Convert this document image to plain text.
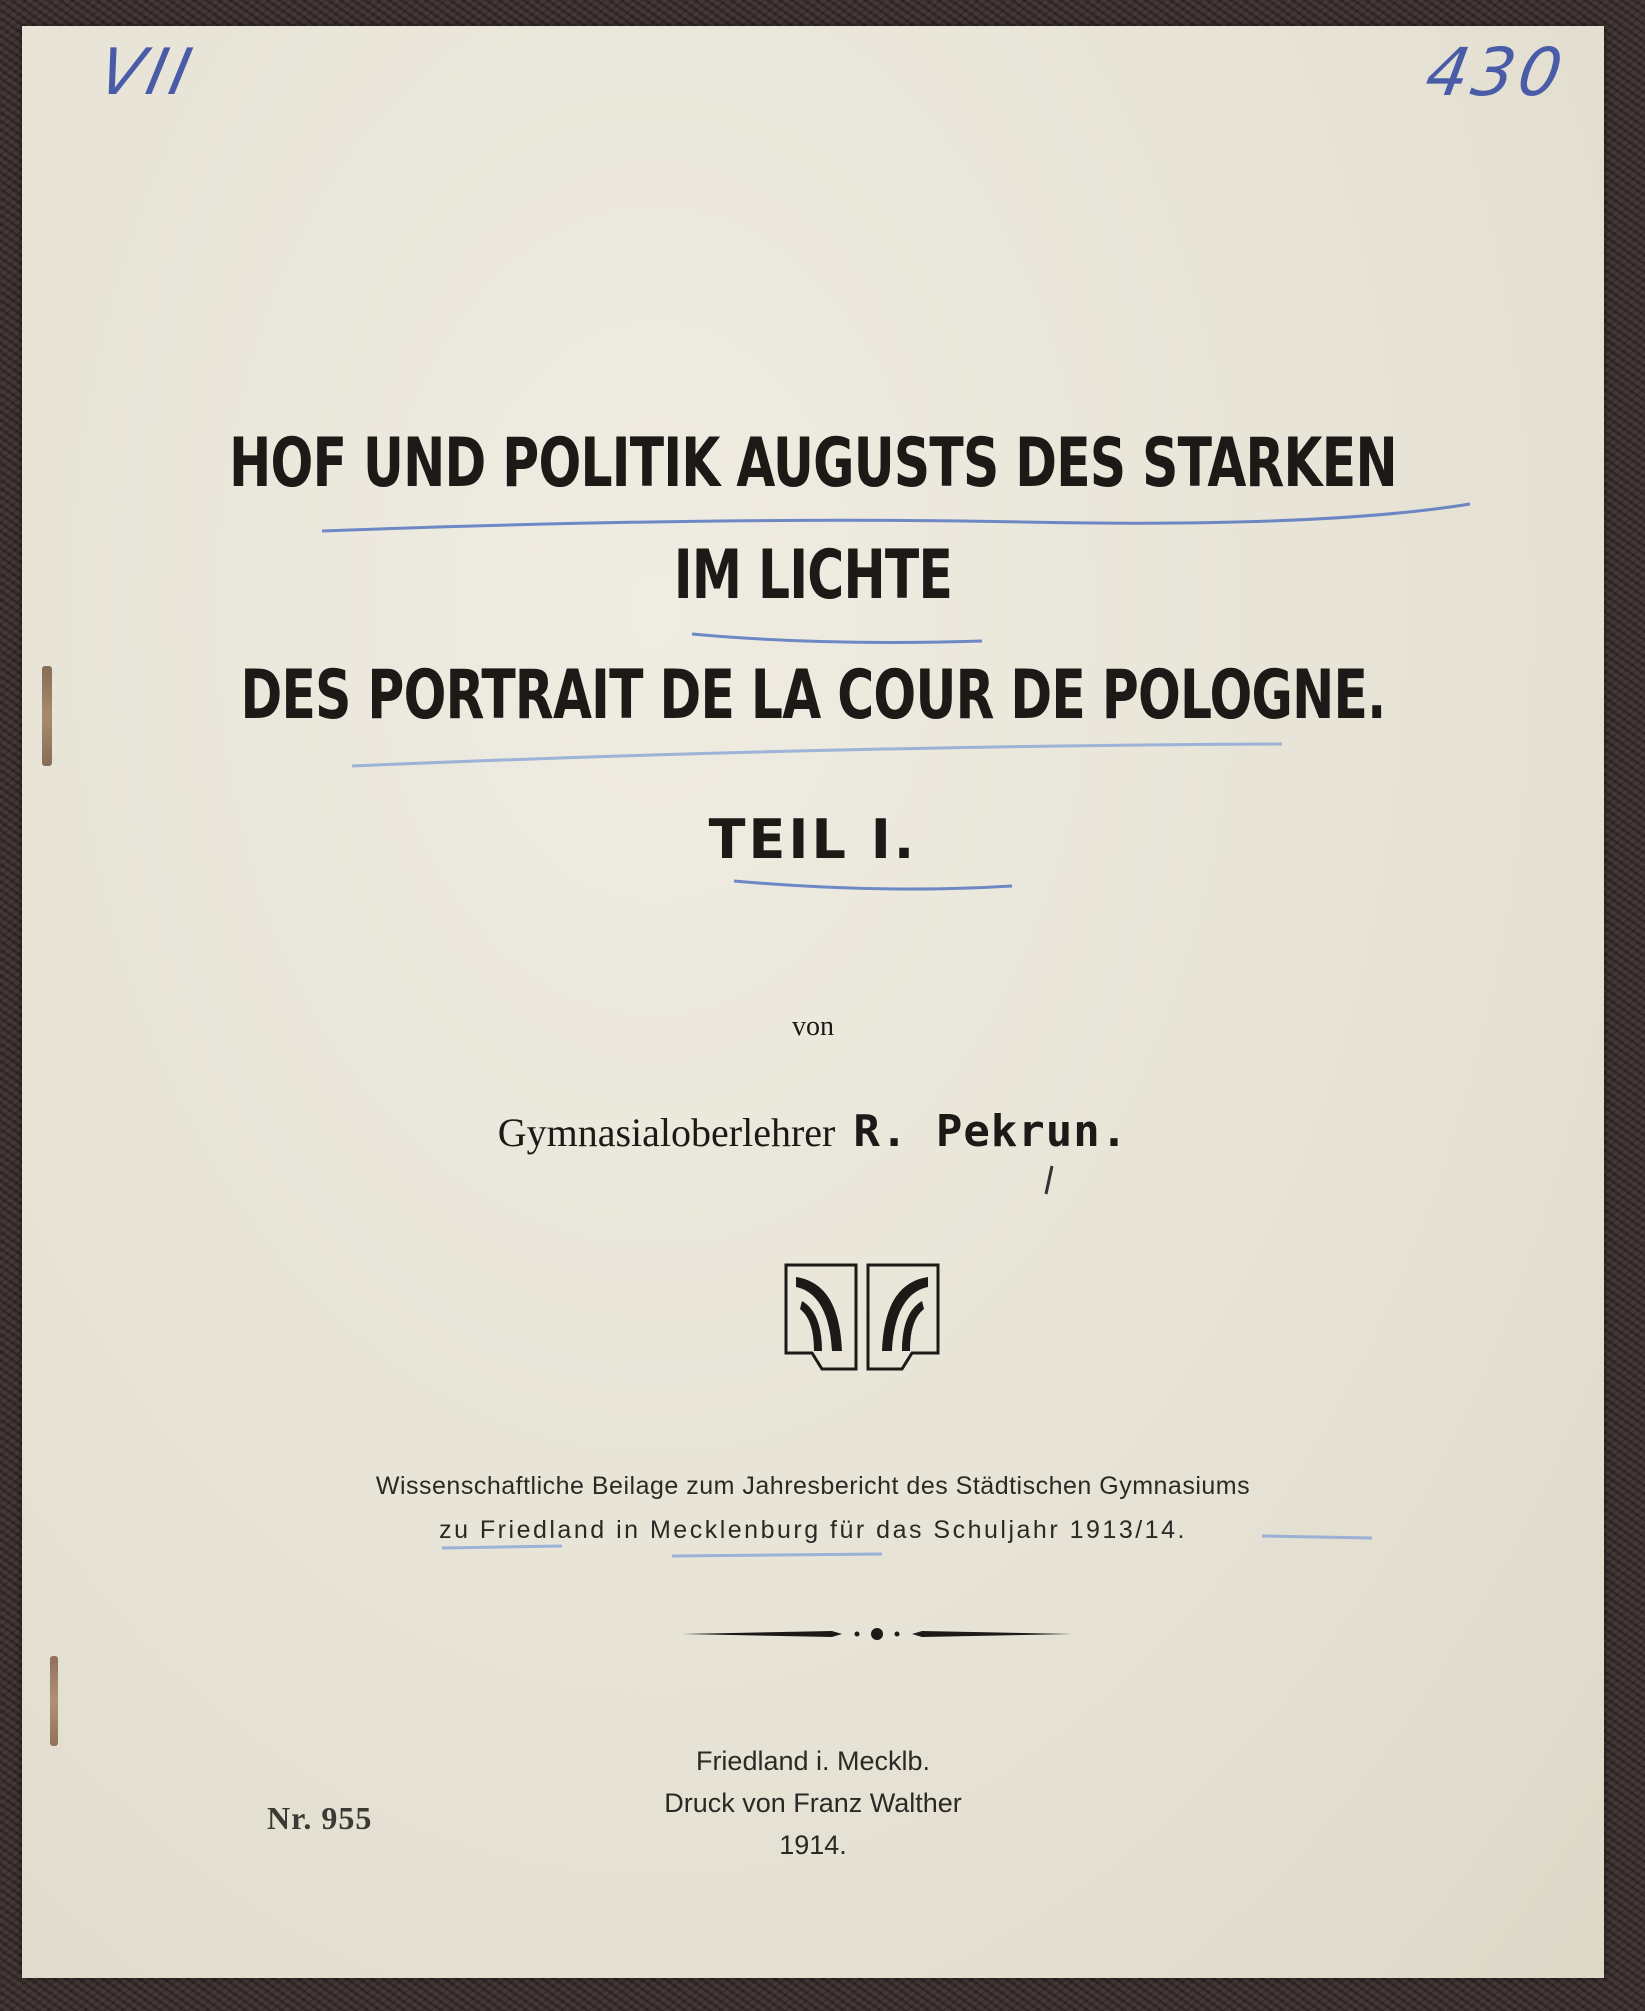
VII	430
HOF UND POLITIK AUGUSTS DES STARKEN
IM LICHTE
DES PORTRAIT DE LA COUR DE POLOGNE.
TEIL I.
von
Gymnasialoberlehrer R. Pekrun.
Wissenschaftliche Beilage zum Jahresbericht des Städtischen Gymnasiums
zu Friedland in Mecklenburg für das Schuljahr 1913/14.
Nr. 955
Friedland i. Mecklb.
Druck von Franz Walther
1914.
